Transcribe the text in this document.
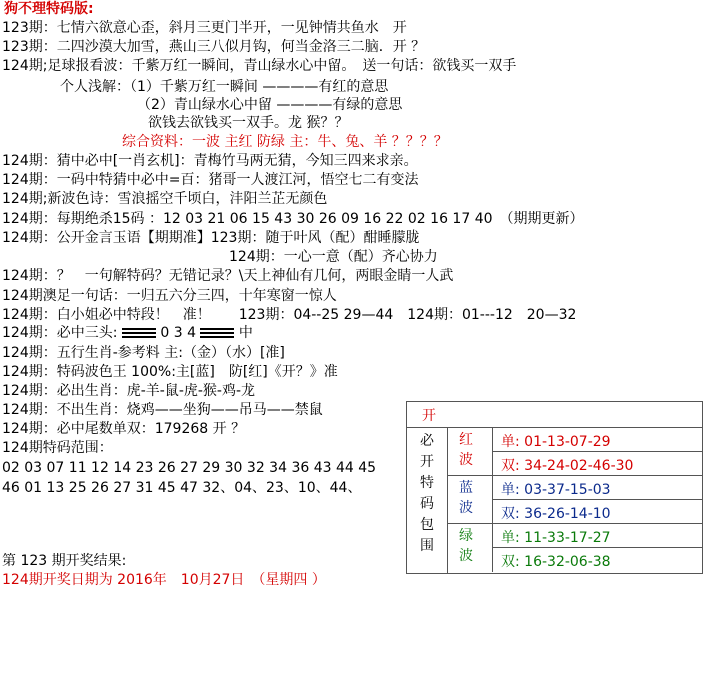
狗不理特码版:
123期：七情六欲意心歪，斜月三更门半开，一见钟情共鱼水　开
123期：二四沙漠大加雪，燕山三八似月钩，何当金洛三二脑．开 ？
124期;足球报看波：千紫万红一瞬间，青山绿水心中留。　送一句话：欲钱买一双手
个人浅解：（1）千紫万红一瞬间 ————有红的意思
（2）青山绿水心中留 ————有绿的意思
欲钱去欲钱买一双手。龙 猴？？
综合资料：一波 主红 防绿 主：牛、兔、羊 ？？？？
124期：猜中必中[一肖玄机]：青梅竹马两无猜，今知三四来求亲。
124期：一码中特猜中必中=百：猪哥一人渡江河，悟空七二有变法
124期;新波色诗：雪浪摇空千顷白，沣阳兰芷无颜色
124期：每期绝杀15码 ：12 03 21 06 15 43 30 26 09 16 22 02 16 17 40　（期期更新）
124期：公开金言玉语【期期准】123期：随于叶风（配）酣睡朦胧
124期：一心一意（配）齐心协力
124期：？　一句解特码？无错记录？\天上神仙有几何，两眼金睛一人武
124期澳足一句话：一归五六分三四，十年寒窗一惊人
124期：白小姐必中特段！　准！　　123期：04--25 29—44　124期：01---12　20—32
124期：必中三头:	0 3 4	中
124期：五行生肖-参考料 主:（金）（水）[准]
124期：特码波色王 100%:主[蓝]　防[红]《开？》准
124期：必出生肖：虎-羊-鼠-虎-猴-鸡-龙
124期：不出生肖：烧鸡——坐狗——吊马——禁鼠
124期：必中尾数单双：179268 开 ？
124期特码范围：
02 03 07 11 12 14 23 26 27 29 30 32 34 36 43 44 45
46 01 13 25 26 27 31 45 47 32、04、23、10、44、
第 123 期开奖结果:
124期开奖日期为 2016年　10月27日　（星期四 ）
开
必
开
特
码
包
围
红
波
单: 01-13-07-29
双: 34-24-02-46-30
蓝
波
单: 03-37-15-03
双: 36-26-14-10
绿
波
单: 11-33-17-27
双: 16-32-06-38
